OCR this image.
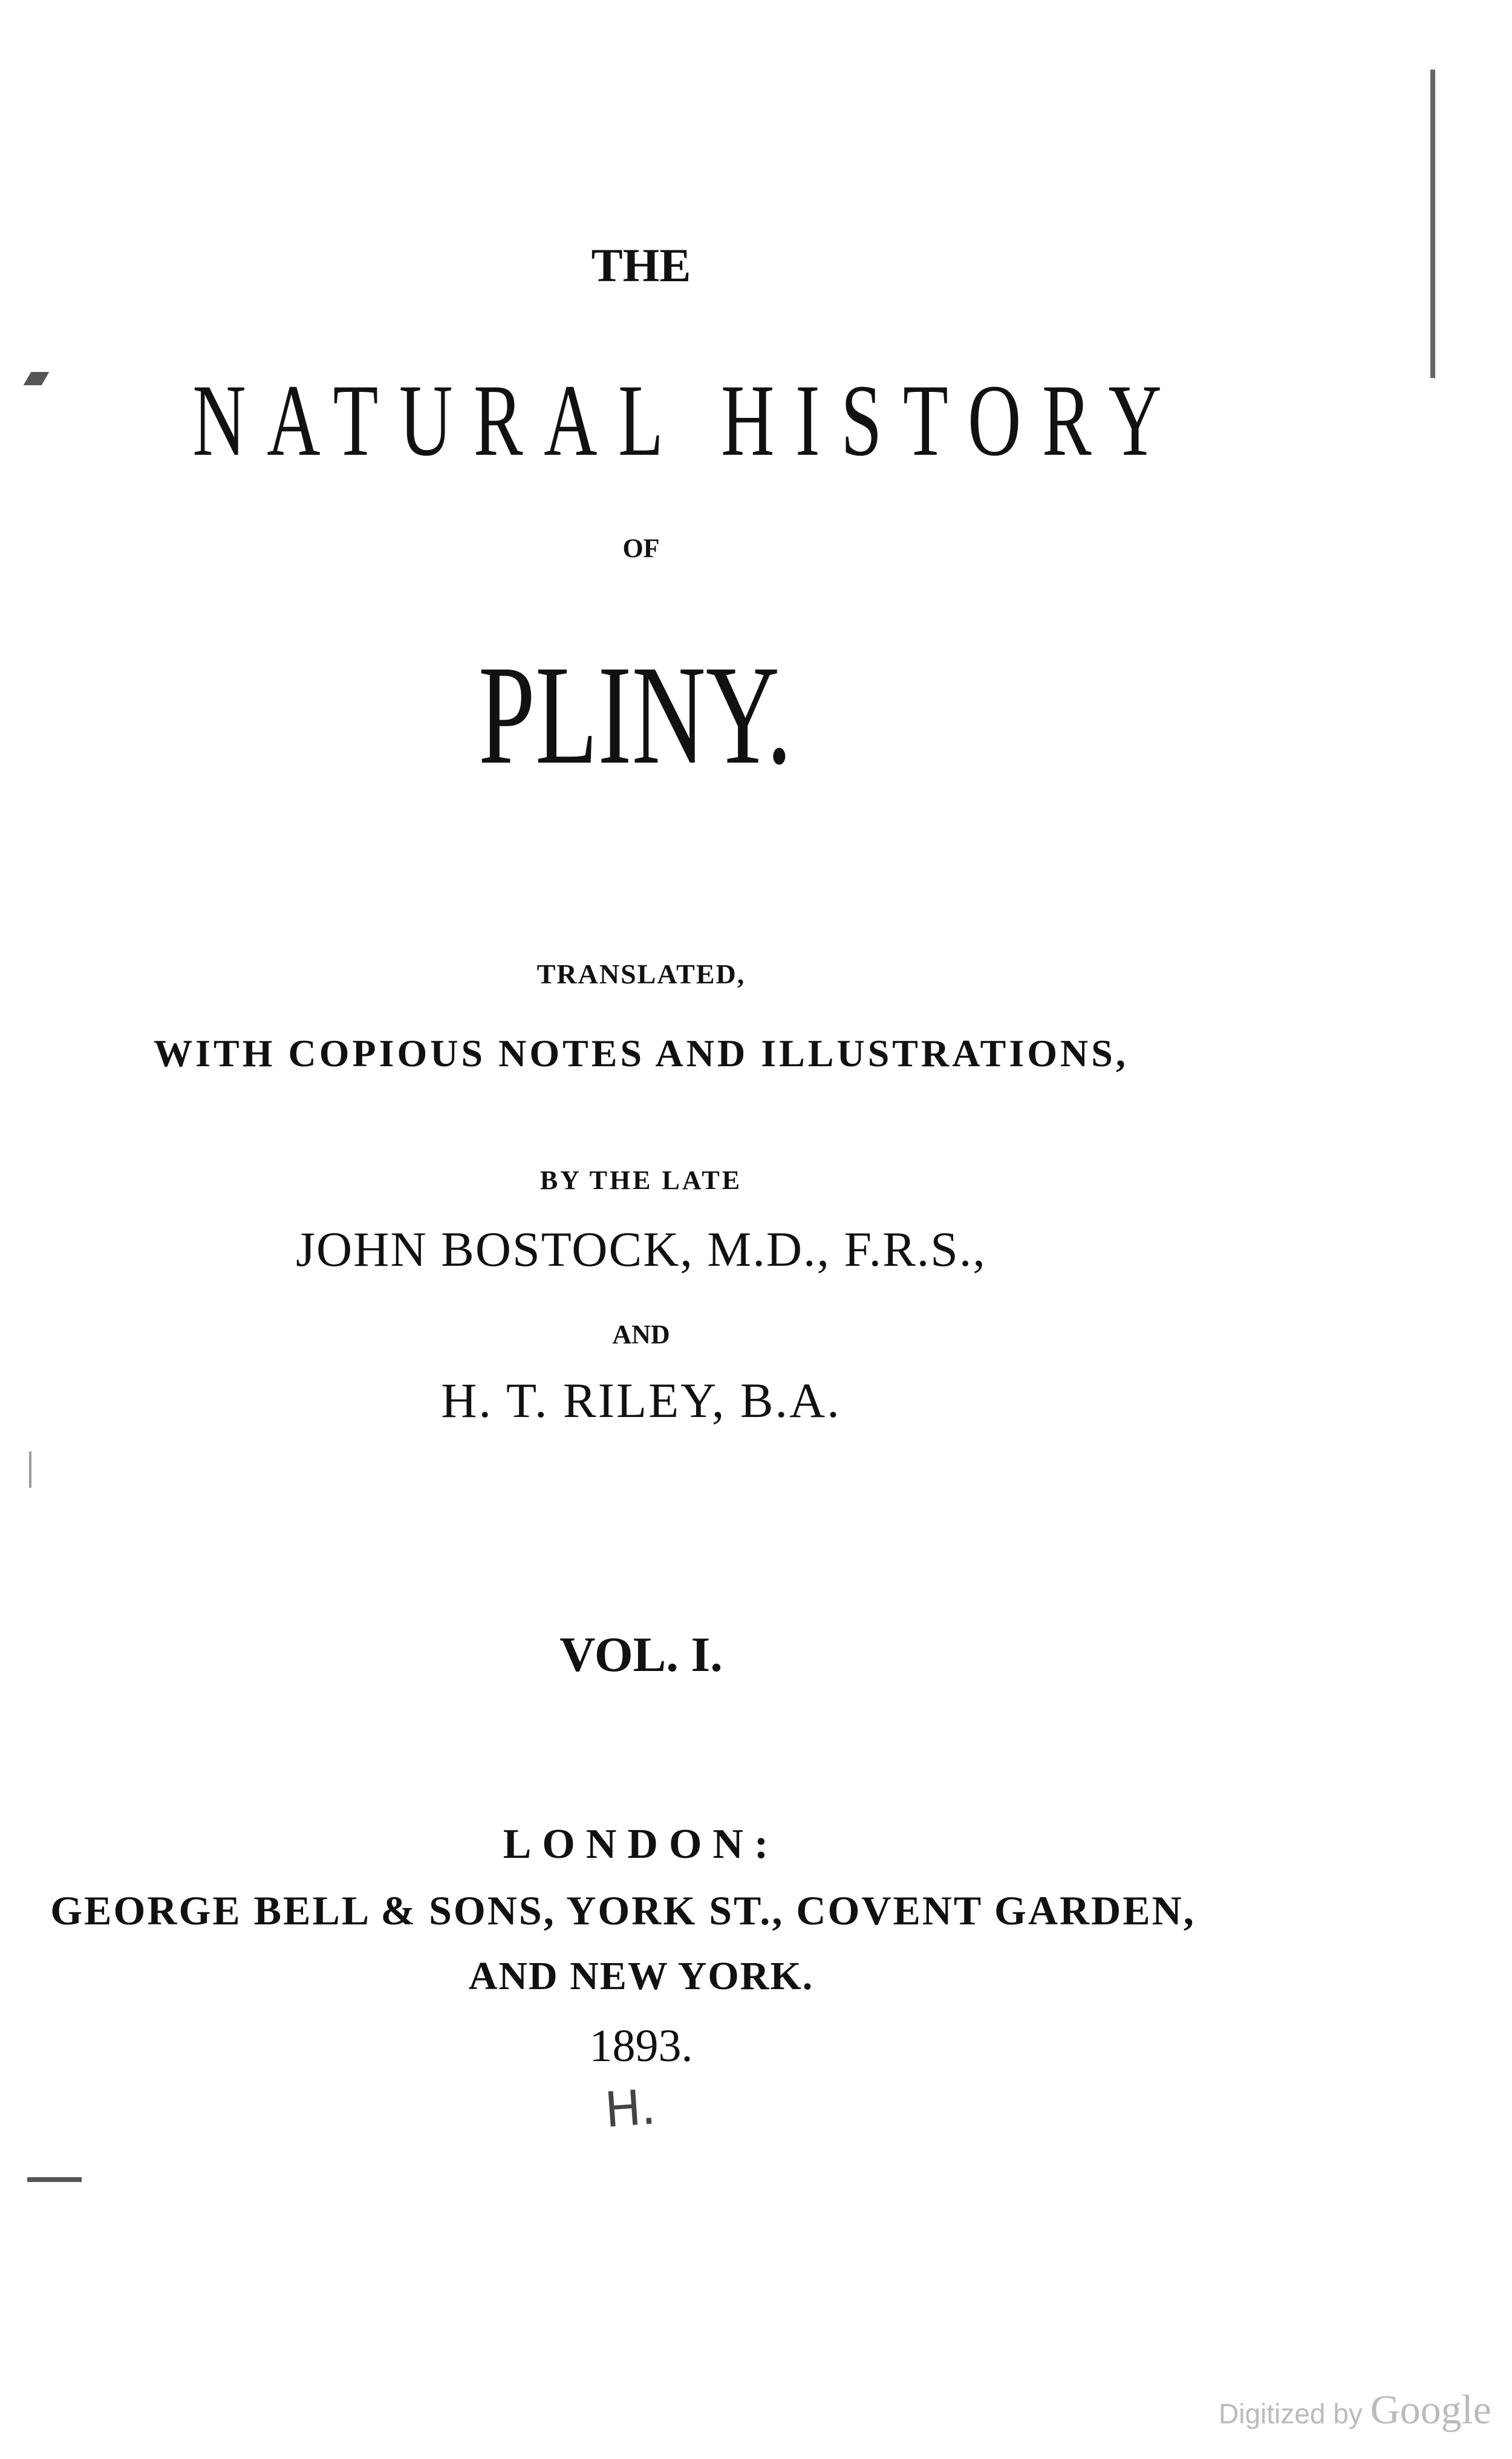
THE
NATURAL HISTORY
OF
PLINY.
TRANSLATED,
WITH COPIOUS NOTES AND ILLUSTRATIONS,
BY THE LATE
JOHN BOSTOCK, M.D., F.R.S.,
AND
H. T. RILEY, B.A.
VOL. I.
LONDON:
GEORGE BELL & SONS, YORK ST., COVENT GARDEN,
AND NEW YORK.
1893.
H.
Digitized by Google
